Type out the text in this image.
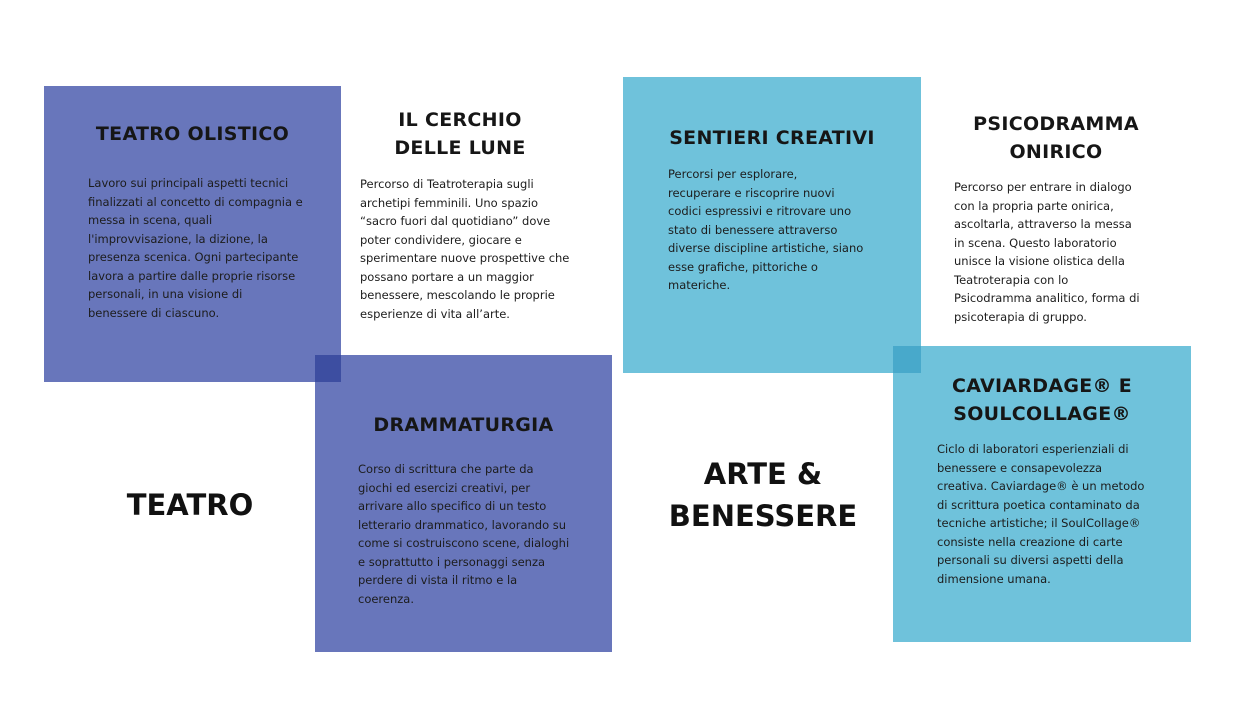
TEATRO OLISTICO
Lavoro sui principali aspetti tecnici
finalizzati al concetto di compagnia e
messa in scena, quali
l'improvvisazione, la dizione, la
presenza scenica. Ogni partecipante
lavora a partire dalle proprie risorse
personali, in una visione di
benessere di ciascuno.
IL CERCHIO
DELLE LUNE
Percorso di Teatroterapia sugli
archetipi femminili. Uno spazio
“sacro fuori dal quotidiano” dove
poter condividere, giocare e
sperimentare nuove prospettive che
possano portare a un maggior
benessere, mescolando le proprie
esperienze di vita all’arte.
DRAMMATURGIA
Corso di scrittura che parte da
giochi ed esercizi creativi, per
arrivare allo specifico di un testo
letterario drammatico, lavorando su
come si costruiscono scene, dialoghi
e soprattutto i personaggi senza
perdere di vista il ritmo e la
coerenza.
TEATRO
SENTIERI CREATIVI
Percorsi per esplorare,
recuperare e riscoprire nuovi
codici espressivi e ritrovare uno
stato di benessere attraverso
diverse discipline artistiche, siano
esse grafiche, pittoriche o
materiche.
PSICODRAMMA
ONIRICO
Percorso per entrare in dialogo
con la propria parte onirica,
ascoltarla, attraverso la messa
in scena. Questo laboratorio
unisce la visione olistica della
Teatroterapia con lo
Psicodramma analitico, forma di
psicoterapia di gruppo.
ARTE &
BENESSERE
CAVIARDAGE® E
SOULCOLLAGE®
Ciclo di laboratori esperienziali di
benessere e consapevolezza
creativa. Caviardage® è un metodo
di scrittura poetica contaminato da
tecniche artistiche; il SoulCollage®
consiste nella creazione di carte
personali su diversi aspetti della
dimensione umana.
